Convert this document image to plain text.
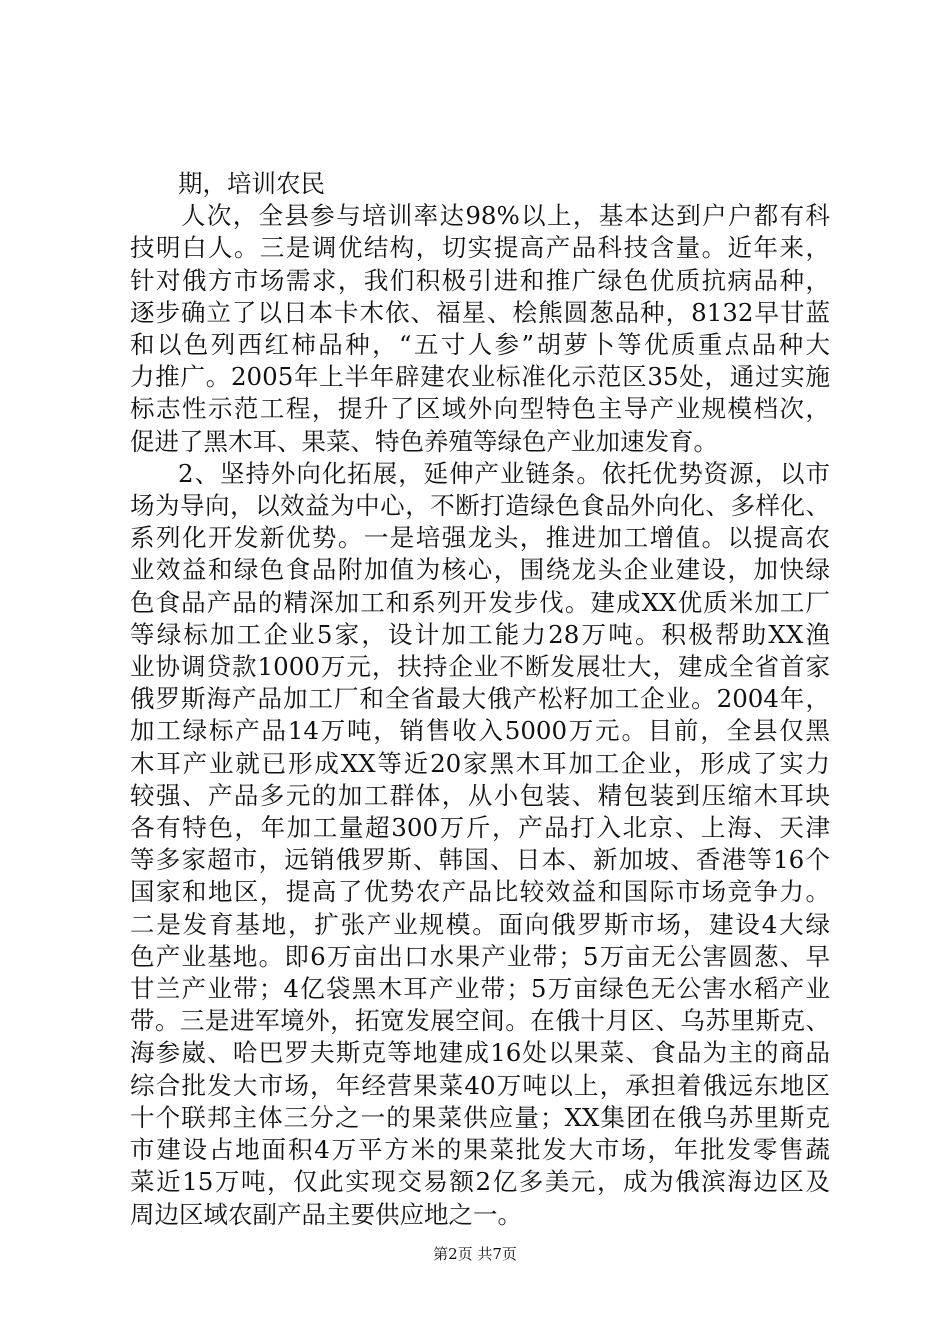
期，培训农民
人次，全县参与培训率达98%以上，基本达到户户都有科
技明白人。三是调优结构，切实提高产品科技含量。近年来，
针对俄方市场需求，我们积极引进和推广绿色优质抗病品种，
逐步确立了以日本卡木依、福星、桧熊圆葱品种，8132早甘蓝
和以色列西红柿品种，“五寸人参”胡萝卜等优质重点品种大
力推广。2005年上半年辟建农业标准化示范区35处，通过实施
标志性示范工程，提升了区域外向型特色主导产业规模档次，
促进了黑木耳、果菜、特色养殖等绿色产业加速发育。
2、坚持外向化拓展，延伸产业链条。依托优势资源，以市
场为导向，以效益为中心，不断打造绿色食品外向化、多样化、
系列化开发新优势。一是培强龙头，推进加工增值。以提高农
业效益和绿色食品附加值为核心，围绕龙头企业建设，加快绿
色食品产品的精深加工和系列开发步伐。建成XX优质米加工厂
等绿标加工企业5家，设计加工能力28万吨。积极帮助XX渔
业协调贷款1000万元，扶持企业不断发展壮大，建成全省首家
俄罗斯海产品加工厂和全省最大俄产松籽加工企业。2004年，
加工绿标产品14万吨，销售收入5000万元。目前，全县仅黑
木耳产业就已形成XX等近20家黑木耳加工企业，形成了实力
较强、产品多元的加工群体，从小包装、精包装到压缩木耳块
各有特色，年加工量超300万斤，产品打入北京、上海、天津
等多家超市，远销俄罗斯、韩国、日本、新加坡、香港等16个
国家和地区，提高了优势农产品比较效益和国际市场竞争力。
二是发育基地，扩张产业规模。面向俄罗斯市场，建设4大绿
色产业基地。即6万亩出口水果产业带；5万亩无公害圆葱、早
甘兰产业带；4亿袋黑木耳产业带；5万亩绿色无公害水稻产业
带。三是进军境外，拓宽发展空间。在俄十月区、乌苏里斯克、
海参崴、哈巴罗夫斯克等地建成16处以果菜、食品为主的商品
综合批发大市场，年经营果菜40万吨以上，承担着俄远东地区
十个联邦主体三分之一的果菜供应量；XX集团在俄乌苏里斯克
市建设占地面积4万平方米的果菜批发大市场，年批发零售蔬
菜近15万吨，仅此实现交易额2亿多美元，成为俄滨海边区及
周边区域农副产品主要供应地之一。
第2页 共7页
